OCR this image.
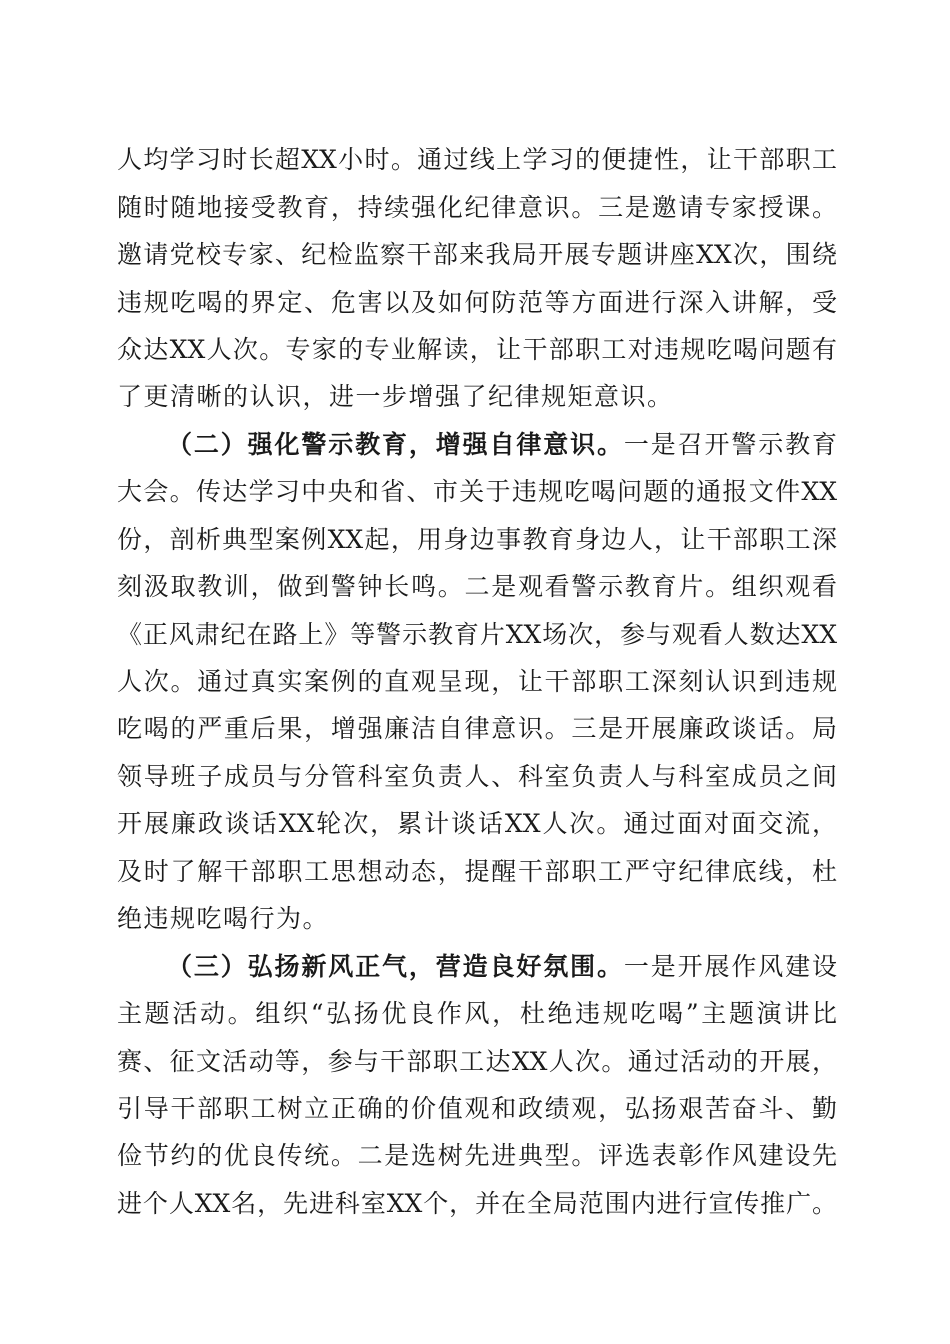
人均学习时长超XX小时。通过线上学习的便捷性，让干部职工
随时随地接受教育，持续强化纪律意识。三是邀请专家授课。
邀请党校专家、纪检监察干部来我局开展专题讲座XX次，围绕
违规吃喝的界定、危害以及如何防范等方面进行深入讲解，受
众达XX人次。专家的专业解读，让干部职工对违规吃喝问题有
了更清晰的认识，进一步增强了纪律规矩意识。
（二）强化警示教育，增强自律意识。一是召开警示教育
大会。传达学习中央和省、市关于违规吃喝问题的通报文件XX
份，剖析典型案例XX起，用身边事教育身边人，让干部职工深
刻汲取教训，做到警钟长鸣。二是观看警示教育片。组织观看
《正风肃纪在路上》等警示教育片XX场次，参与观看人数达XX
人次。通过真实案例的直观呈现，让干部职工深刻认识到违规
吃喝的严重后果，增强廉洁自律意识。三是开展廉政谈话。局
领导班子成员与分管科室负责人、科室负责人与科室成员之间
开展廉政谈话XX轮次，累计谈话XX人次。通过面对面交流，
及时了解干部职工思想动态，提醒干部职工严守纪律底线，杜
绝违规吃喝行为。
（三）弘扬新风正气，营造良好氛围。一是开展作风建设
主题活动。组织“弘扬优良作风，杜绝违规吃喝”主题演讲比
赛、征文活动等，参与干部职工达XX人次。通过活动的开展，
引导干部职工树立正确的价值观和政绩观，弘扬艰苦奋斗、勤
俭节约的优良传统。二是选树先进典型。评选表彰作风建设先
进个人XX名，先进科室XX个，并在全局范围内进行宣传推广。
